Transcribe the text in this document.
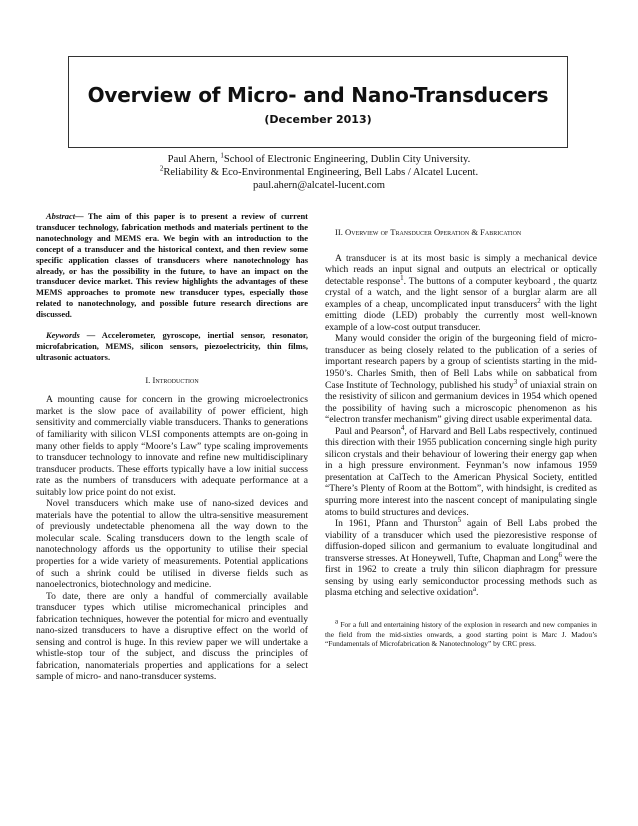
Overview of Micro- and Nano-Transducers
(December 2013)
Paul Ahern, $^1$School of Electronic Engineering, Dublin City University.
$^2$Reliability & Eco-Environmental Engineering, Bell Labs / Alcatel Lucent.
paul.ahern@alcatel-lucent.com

Abstract— The aim of this paper is to present a review of current transducer technology, fabrication methods and materials pertinent to the nanotechnology and MEMS era. We begin with an introduction to the concept of a transducer and the historical context, and then review some specific application classes of transducers where nanotechnology has already, or has the possibility in the future, to have an impact on the transducer device market. This review highlights the advantages of these MEMS approaches to promote new transducer types, especially those related to nanotechnology, and possible future research directions are discussed.

Keywords — Accelerometer, gyroscope, inertial sensor, resonator, microfabrication, MEMS, silicon sensors, piezoelectricity, thin films, ultrasonic actuators.

I. Introduction

A mounting cause for concern in the growing microelectronics market is the slow pace of availability of power efficient, high sensitivity and commercially viable transducers. Thanks to generations of familiarity with silicon VLSI components attempts are on-going in many other fields to apply “Moore’s Law” type scaling improvements to transducer technology to innovate and refine new multidisciplinary transducer products. These efforts typically have a low initial success rate as the numbers of transducers with adequate performance at a suitably low price point do not exist.

Novel transducers which make use of nano-sized devices and materials have the potential to allow the ultra-sensitive measurement of previously undetectable phenomena all the way down to the molecular scale. Scaling transducers down to the length scale of nanotechnology affords us the opportunity to utilise their special properties for a wide variety of measurements. Potential applications of such a shrink could be utilised in diverse fields such as nanoelectronics, biotechnology and medicine.

To date, there are only a handful of commercially available transducer types which utilise micromechanical principles and fabrication techniques, however the potential for micro and eventually nano-sized transducers to have a disruptive effect on the world of sensing and control is huge. In this review paper we will undertake a whistle-stop tour of the subject, and discuss the principles of fabrication, nanomaterials properties and applications for a select sample of micro- and nano-transducer systems.

II. Overview of Transducer Operation & Fabrication

A transducer is at its most basic is simply a mechanical device which reads an input signal and outputs an electrical or optically detectable response$^1$. The buttons of a computer keyboard , the quartz crystal of a watch, and the light sensor of a burglar alarm are all examples of a cheap, uncomplicated input transducers$^2$ with the light emitting diode (LED) probably the currently most well-known example of a low-cost output transducer.

Many would consider the origin of the burgeoning field of micro-transducer as being closely related to the publication of a series of important research papers by a group of scientists starting in the mid-1950’s. Charles Smith, then of Bell Labs while on sabbatical from Case Institute of Technology, published his study$^3$ of uniaxial strain on the resistivity of silicon and germanium devices in 1954 which opened the possibility of having such a microscopic phenomenon as his “electron transfer mechanism” giving direct usable experimental data.

Paul and Pearson$^4$, of Harvard and Bell Labs respectively, continued this direction with their 1955 publication concerning single high purity silicon crystals and their behaviour of lowering their energy gap when in a high pressure environment. Feynman’s now infamous 1959 presentation at CalTech to the American Physical Society, entitled “There’s Plenty of Room at the Bottom”, with hindsight, is credited as spurring more interest into the nascent concept of manipulating single atoms to build structures and devices.

In 1961, Pfann and Thurston$^5$ again of Bell Labs probed the viability of a transducer which used the piezoresistive response of diffusion-doped silicon and germanium to evaluate longitudinal and transverse stresses. At Honeywell, Tufte, Chapman and Long$^6$ were the first in 1962 to create a truly thin silicon diaphragm for pressure sensing by using early semiconductor processing methods such as plasma etching and selective oxidation$^a$.

$^a$ For a full and entertaining history of the explosion in research and new companies in the field from the mid-sixties onwards, a good starting point is Marc J. Madou’s “Fundamentals of Microfabrication & Nanotechnology” by CRC press.
